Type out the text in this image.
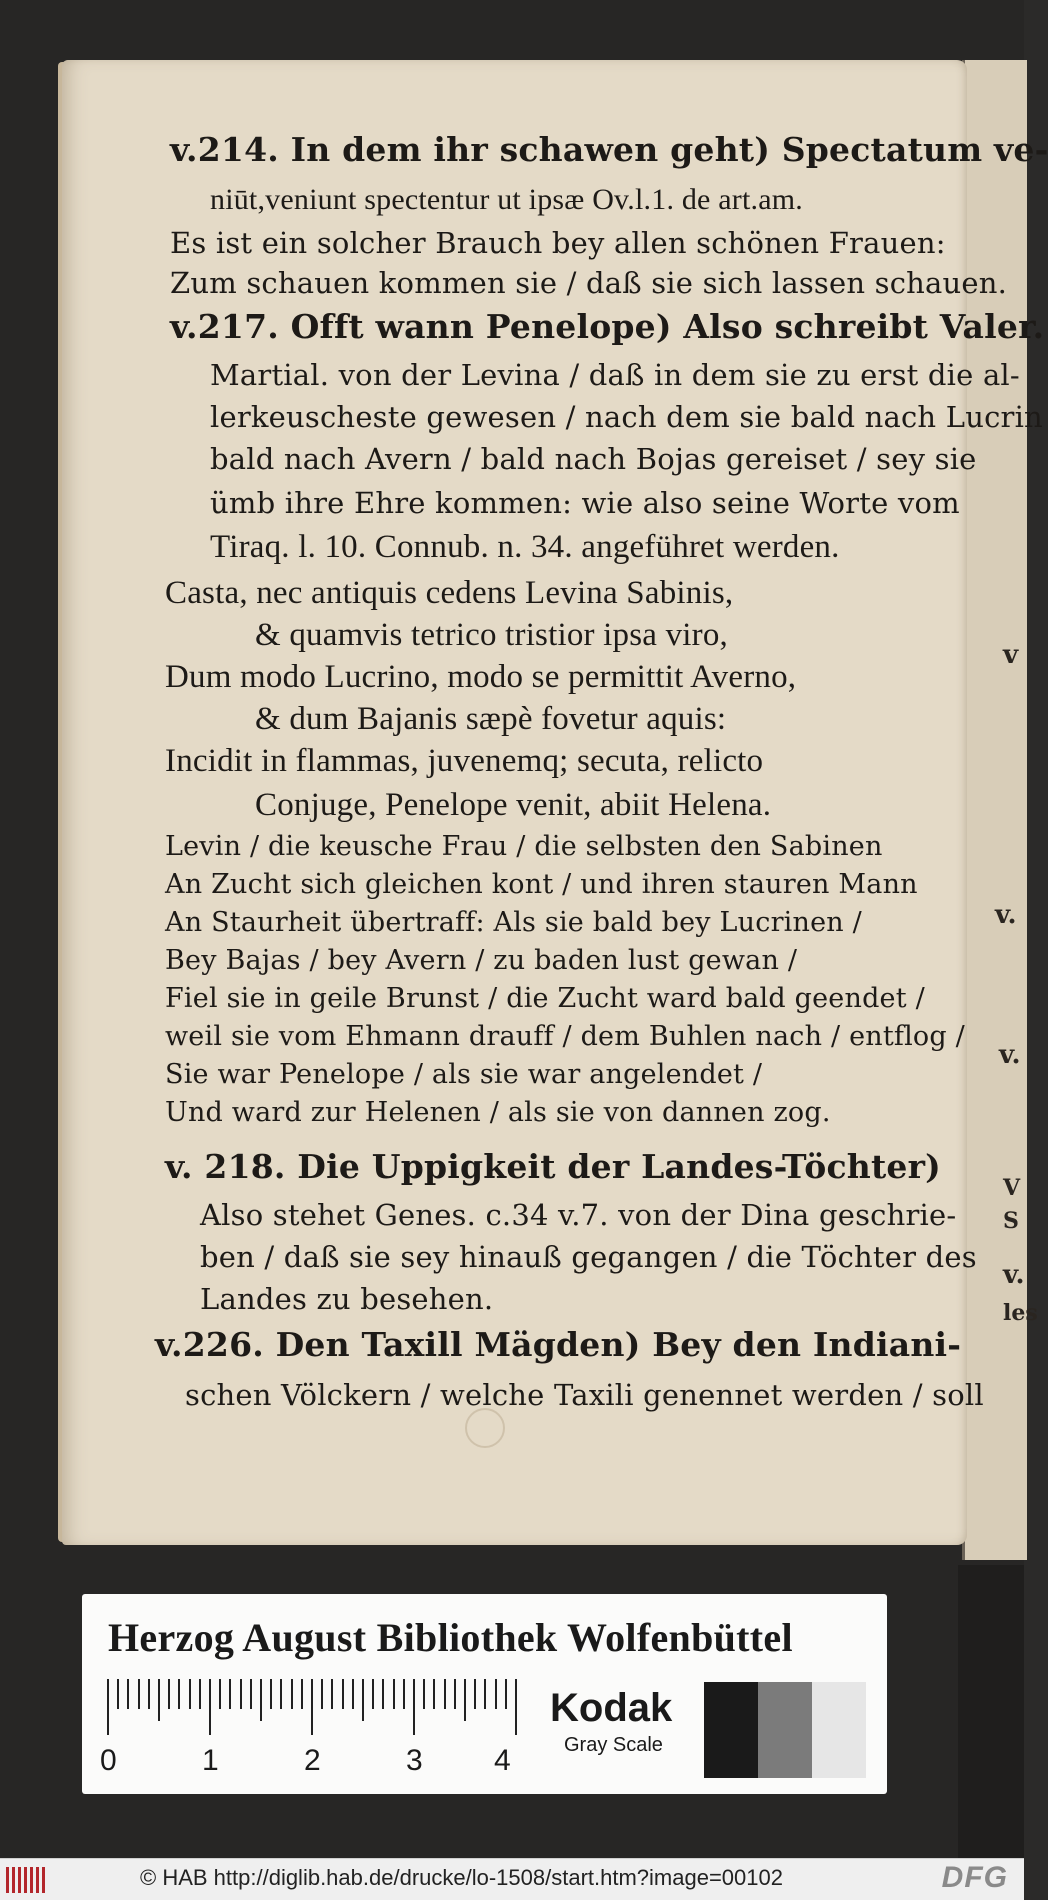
v
v.
v.
V
S
v.
les
v.214. In dem ihr schawen geht) Spectatum ve-
niūt,veniunt spectentur ut ipsæ Ov.l.1. de art.am.
Es ist ein solcher Brauch bey allen schönen Frauen:
Zum schauen kommen sie / daß sie sich lassen schauen.
v.217. Offt wann Penelope) Also schreibt Valer.
Martial. von der Levina / daß in dem sie zu erst die al-
lerkeuscheste gewesen / nach dem sie bald nach Lucrin
bald nach Avern / bald nach Bojas gereiset / sey sie
ümb ihre Ehre kommen: wie also seine Worte vom
Tiraq. l. 10. Connub. n. 34. angeführet werden.
Casta, nec antiquis cedens Levina Sabinis,
& quamvis tetrico tristior ipsa viro,
Dum modo Lucrino, modo se permittit Averno,
& dum Bajanis sæpè fovetur aquis:
Incidit in flammas, juvenemq; secuta, relicto
Conjuge, Penelope venit, abiit Helena.
Levin / die keusche Frau / die selbsten den Sabinen
An Zucht sich gleichen kont / und ihren stauren Mann
An Staurheit übertraff: Als sie bald bey Lucrinen /
Bey Bajas / bey Avern / zu baden lust gewan /
Fiel sie in geile Brunst / die Zucht ward bald geendet /
weil sie vom Ehmann drauff / dem Buhlen nach / entflog /
Sie war Penelope / als sie war angelendet /
Und ward zur Helenen / als sie von dannen zog.
v. 218. Die Uppigkeit der Landes-Töchter)
Also stehet Genes. c.34 v.7. von der Dina geschrie-
ben / daß sie sey hinauß gegangen / die Töchter des
Landes zu besehen.
v.226. Den Taxill Mägden) Bey den Indiani-
schen Völckern / welche Taxili genennet werden / soll
Herzog August Bibliothek Wolfenbüttel
0	1	2	3 4
Kodak
Gray Scale
© HAB http://diglib.hab.de/drucke/lo-1508/start.htm?image=00102	DFG
